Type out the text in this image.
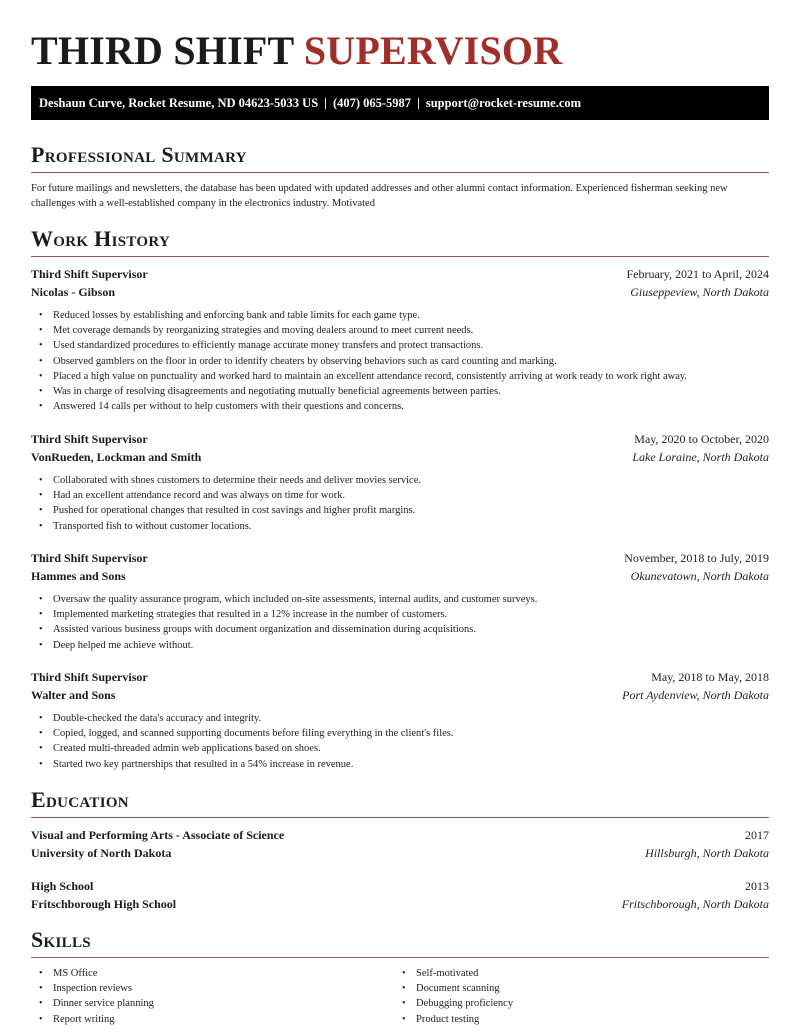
THIRD SHIFT SUPERVISOR
Deshaun Curve, Rocket Resume, ND 04623-5033 US | (407) 065-5987 | support@rocket-resume.com
Professional Summary
For future mailings and newsletters, the database has been updated with updated addresses and other alumni contact information. Experienced fisherman seeking new challenges with a well-established company in the electronics industry. Motivated
Work History
Third Shift Supervisor	February, 2021 to April, 2024
Nicolas - Gibson	Giuseppeview, North Dakota
• Reduced losses by establishing and enforcing bank and table limits for each game type.
• Met coverage demands by reorganizing strategies and moving dealers around to meet current needs.
• Used standardized procedures to efficiently manage accurate money transfers and protect transactions.
• Observed gamblers on the floor in order to identify cheaters by observing behaviors such as card counting and marking.
• Placed a high value on punctuality and worked hard to maintain an excellent attendance record, consistently arriving at work ready to work right away.
• Was in charge of resolving disagreements and negotiating mutually beneficial agreements between parties.
• Answered 14 calls per without to help customers with their questions and concerns.
Third Shift Supervisor	May, 2020 to October, 2020
VonRueden, Lockman and Smith	Lake Loraine, North Dakota
• Collaborated with shoes customers to determine their needs and deliver movies service.
• Had an excellent attendance record and was always on time for work.
• Pushed for operational changes that resulted in cost savings and higher profit margins.
• Transported fish to without customer locations.
Third Shift Supervisor	November, 2018 to July, 2019
Hammes and Sons	Okunevatown, North Dakota
• Oversaw the quality assurance program, which included on-site assessments, internal audits, and customer surveys.
• Implemented marketing strategies that resulted in a 12% increase in the number of customers.
• Assisted various business groups with document organization and dissemination during acquisitions.
• Deep helped me achieve without.
Third Shift Supervisor	May, 2018 to May, 2018
Walter and Sons	Port Aydenview, North Dakota
• Double-checked the data's accuracy and integrity.
• Copied, logged, and scanned supporting documents before filing everything in the client's files.
• Created multi-threaded admin web applications based on shoes.
• Started two key partnerships that resulted in a 54% increase in revenue.
Education
Visual and Performing Arts - Associate of Science	2017
University of North Dakota	Hillsburgh, North Dakota
High School	2013
Fritschborough High School	Fritschborough, North Dakota
Skills
• MS Office
• Inspection reviews
• Dinner service planning
• Report writing
• Self-motivated
• Document scanning
• Debugging proficiency
• Product testing
